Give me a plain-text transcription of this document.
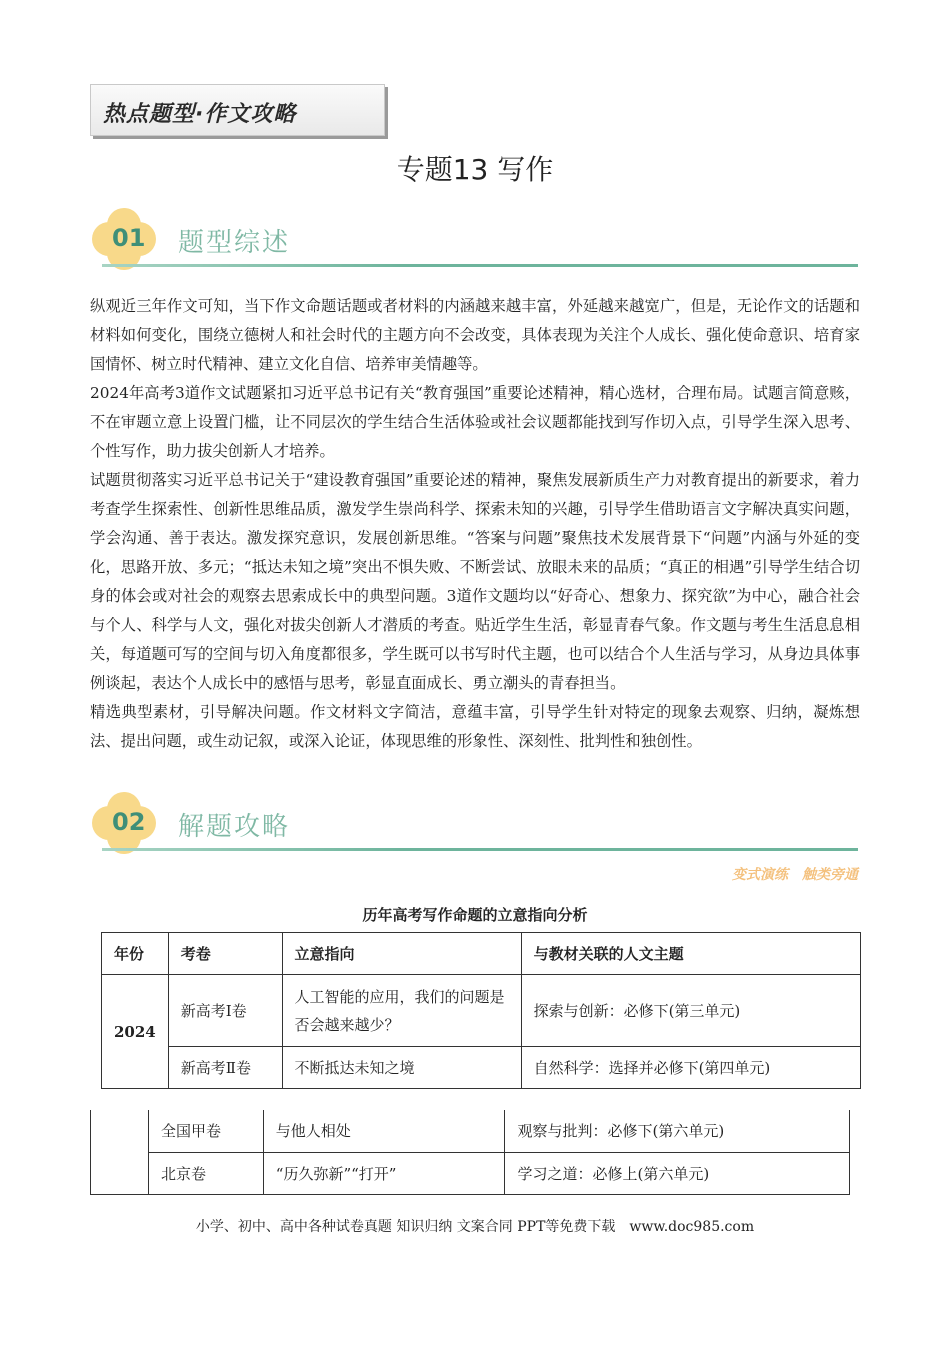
热点题型·作文攻略
专题13 写作
01 题型综述

纵观近三年作文可知，当下作文命题话题或者材料的内涵越来越丰富，外延越来越宽广，但是，无论作文的话题和材料如何变化，围绕立德树人和社会时代的主题方向不会改变，具体表现为关注个人成长、强化使命意识、培育家国情怀、树立时代精神、建立文化自信、培养审美情趣等。

2024年高考3道作文试题紧扣习近平总书记有关“教育强国”重要论述精神，精心选材，合理布局。试题言简意赅，不在审题立意上设置门槛，让不同层次的学生结合生活体验或社会议题都能找到写作切入点，引导学生深入思考、个性写作，助力拔尖创新人才培养。

试题贯彻落实习近平总书记关于“建设教育强国”重要论述的精神，聚焦发展新质生产力对教育提出的新要求，着力考查学生探索性、创新性思维品质，激发学生崇尚科学、探索未知的兴趣，引导学生借助语言文字解决真实问题，学会沟通、善于表达。激发探究意识，发展创新思维。“答案与问题”聚焦技术发展背景下“问题”内涵与外延的变化，思路开放、多元；“抵达未知之境”突出不惧失败、不断尝试、放眼未来的品质；“真正的相遇”引导学生结合切身的体会或对社会的观察去思索成长中的典型问题。3道作文题均以“好奇心、想象力、探究欲”为中心，融合社会与个人、科学与人文，强化对拔尖创新人才潜质的考查。贴近学生生活，彰显青春气象。作文题与考生生活息息相关，每道题可写的空间与切入角度都很多，学生既可以书写时代主题，也可以结合个人生活与学习，从身边具体事例谈起，表达个人成长中的感悟与思考，彰显直面成长、勇立潮头的青春担当。

精选典型素材，引导解决问题。作文材料文字简洁，意蕴丰富，引导学生针对特定的现象去观察、归纳，凝炼想法、提出问题，或生动记叙，或深入论证，体现思维的形象性、深刻性、批判性和独创性。

02 解题攻略
变式演练　触类旁通
历年高考写作命题的立意指向分析
年份	考卷	立意指向	与教材关联的人文主题
2024	新高考Ⅰ卷	人工智能的应用，我们的问题是否会越来越少？	探索与创新：必修下(第三单元)
	新高考Ⅱ卷	不断抵达未知之境	自然科学：选择并必修下(第四单元)
	全国甲卷	与他人相处	观察与批判：必修下(第六单元)
	北京卷	“历久弥新”“打开”	学习之道：必修上(第六单元)
小学、初中、高中各种试卷真题 知识归纳 文案合同 PPT等免费下载　www.doc985.com
